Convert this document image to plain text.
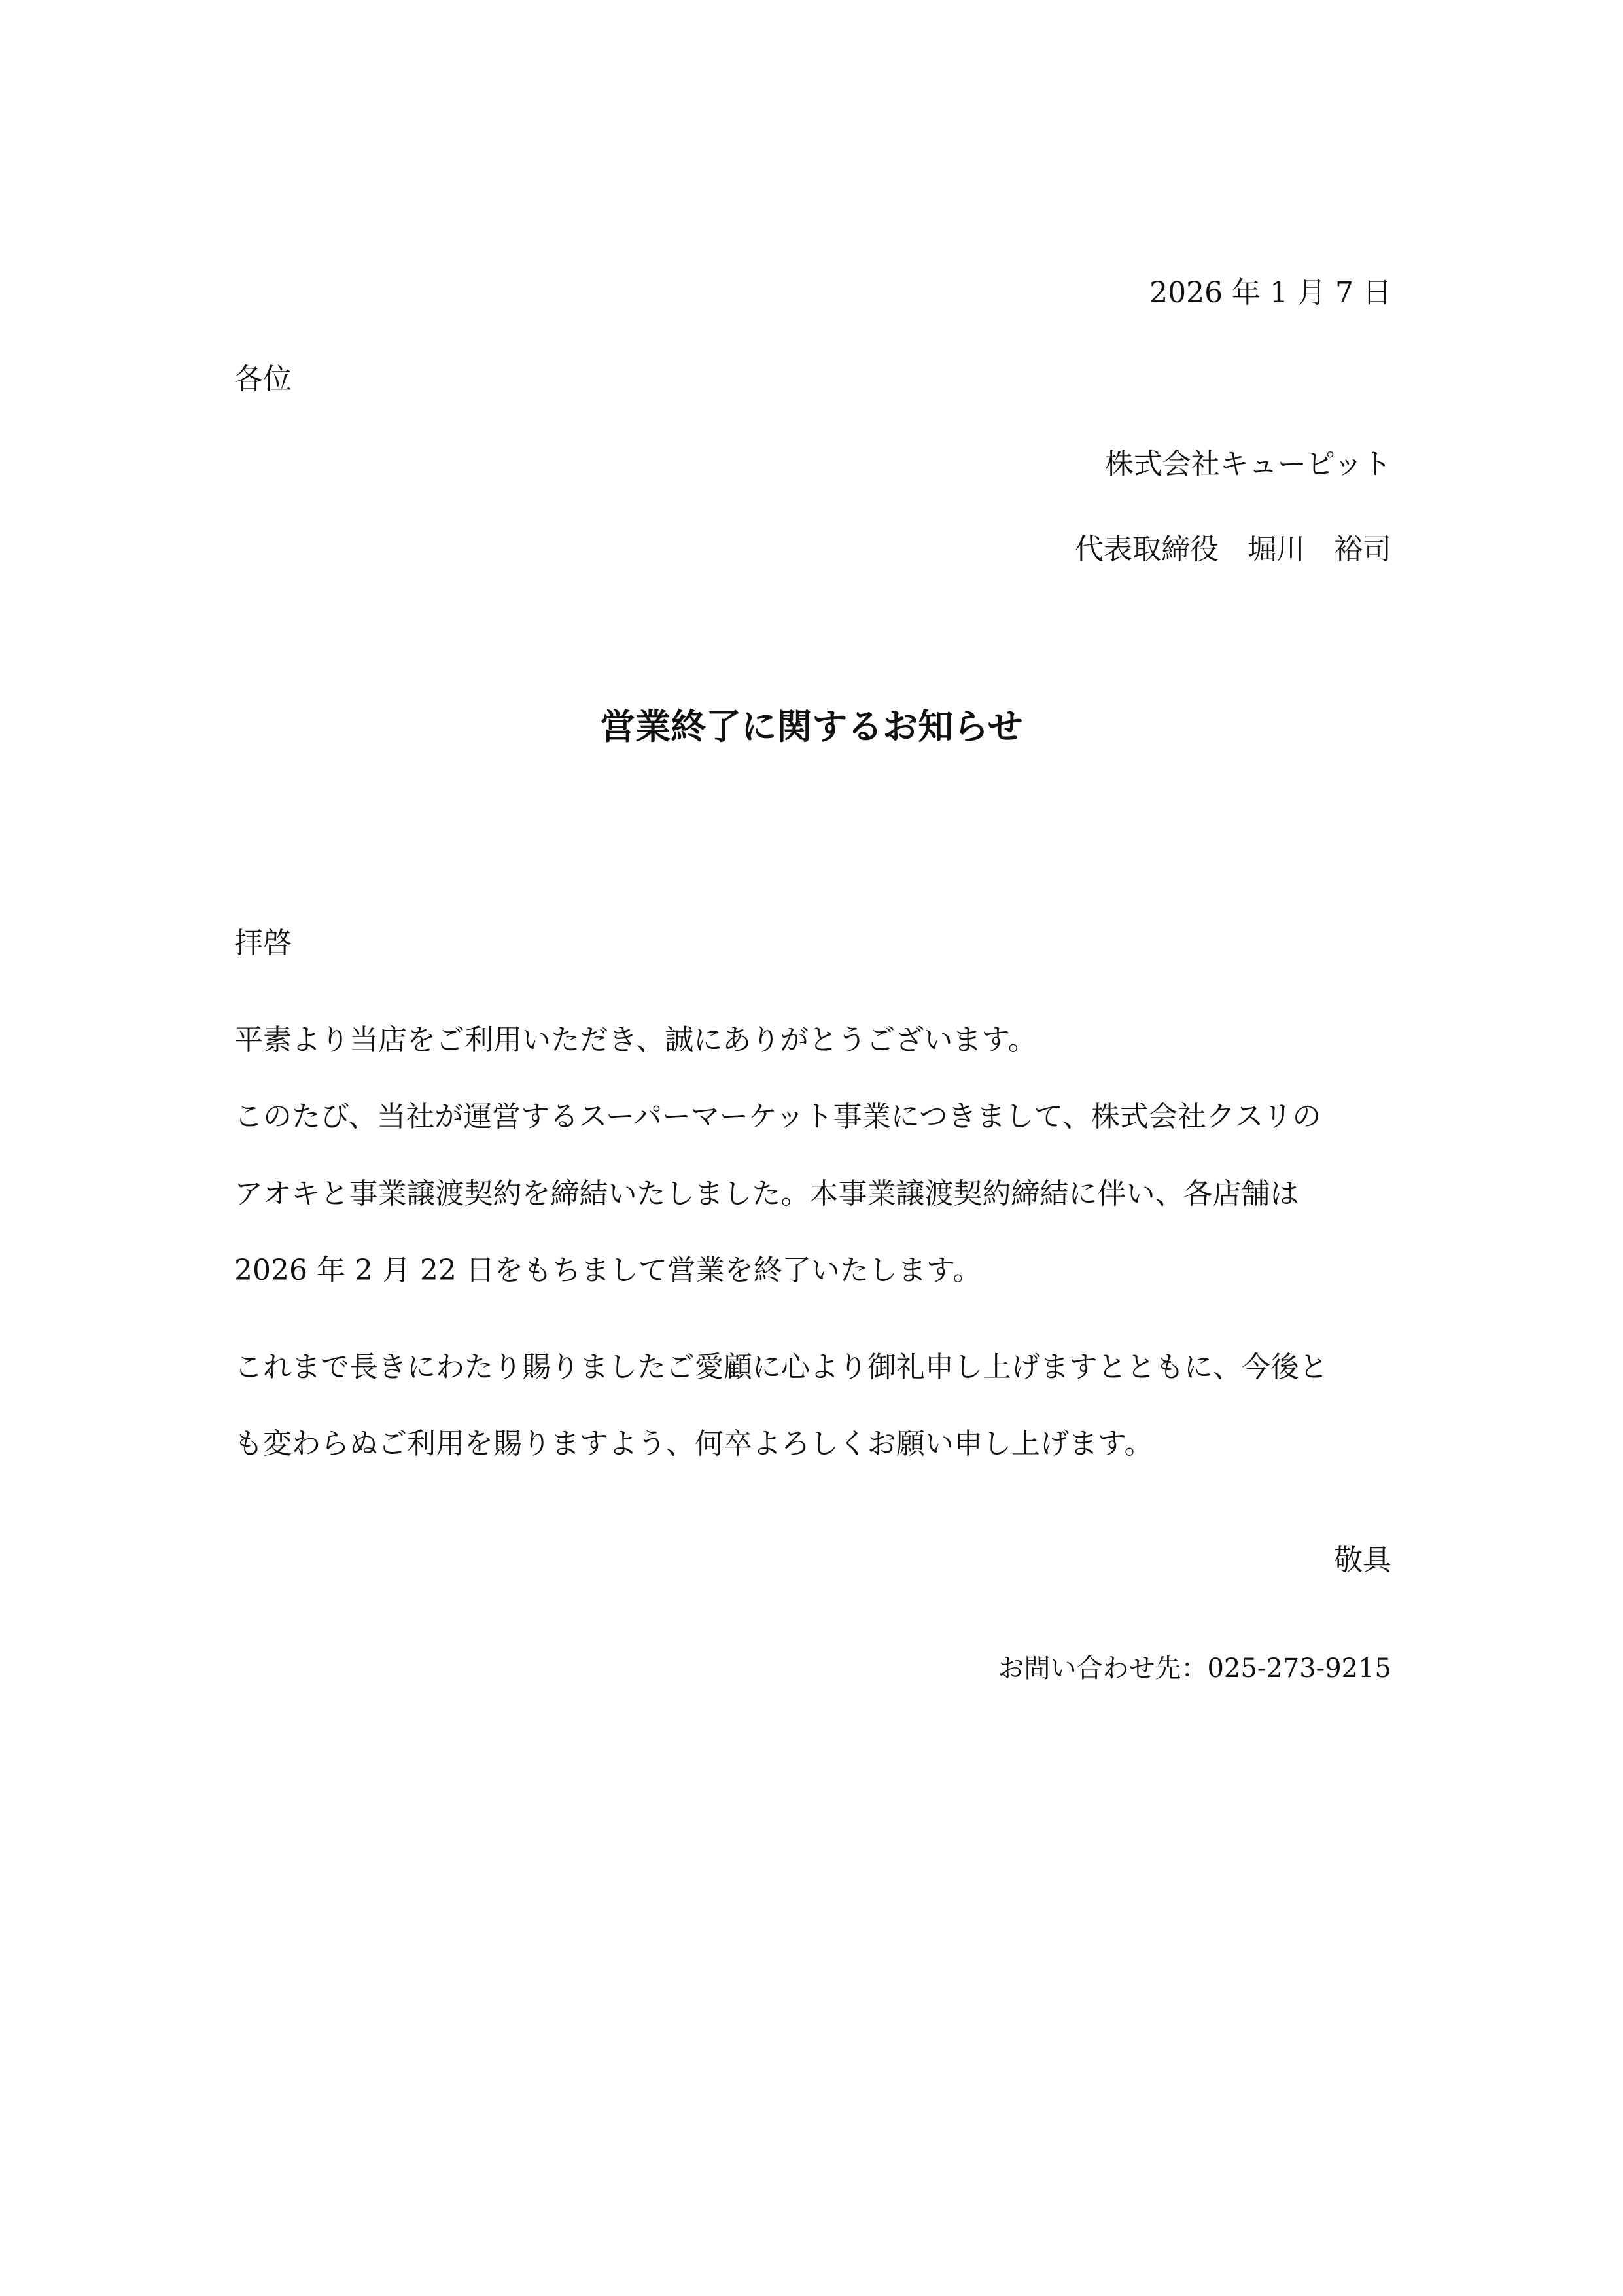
2026 年 1 月 7 日
各位
株式会社キューピット
代表取締役　堀川　裕司
営業終了に関するお知らせ
拝啓
平素より当店をご利用いただき、誠にありがとうございます。
このたび、当社が運営するスーパーマーケット事業につきまして、株式会社クスリの
アオキと事業譲渡契約を締結いたしました。本事業譲渡契約締結に伴い、各店舗は
2026 年 2 月 22 日をもちまして営業を終了いたします。
これまで長きにわたり賜りましたご愛顧に心より御礼申し上げますとともに、今後と
も変わらぬご利用を賜りますよう、何卒よろしくお願い申し上げます。
敬具
お問い合わせ先：025-273-9215
